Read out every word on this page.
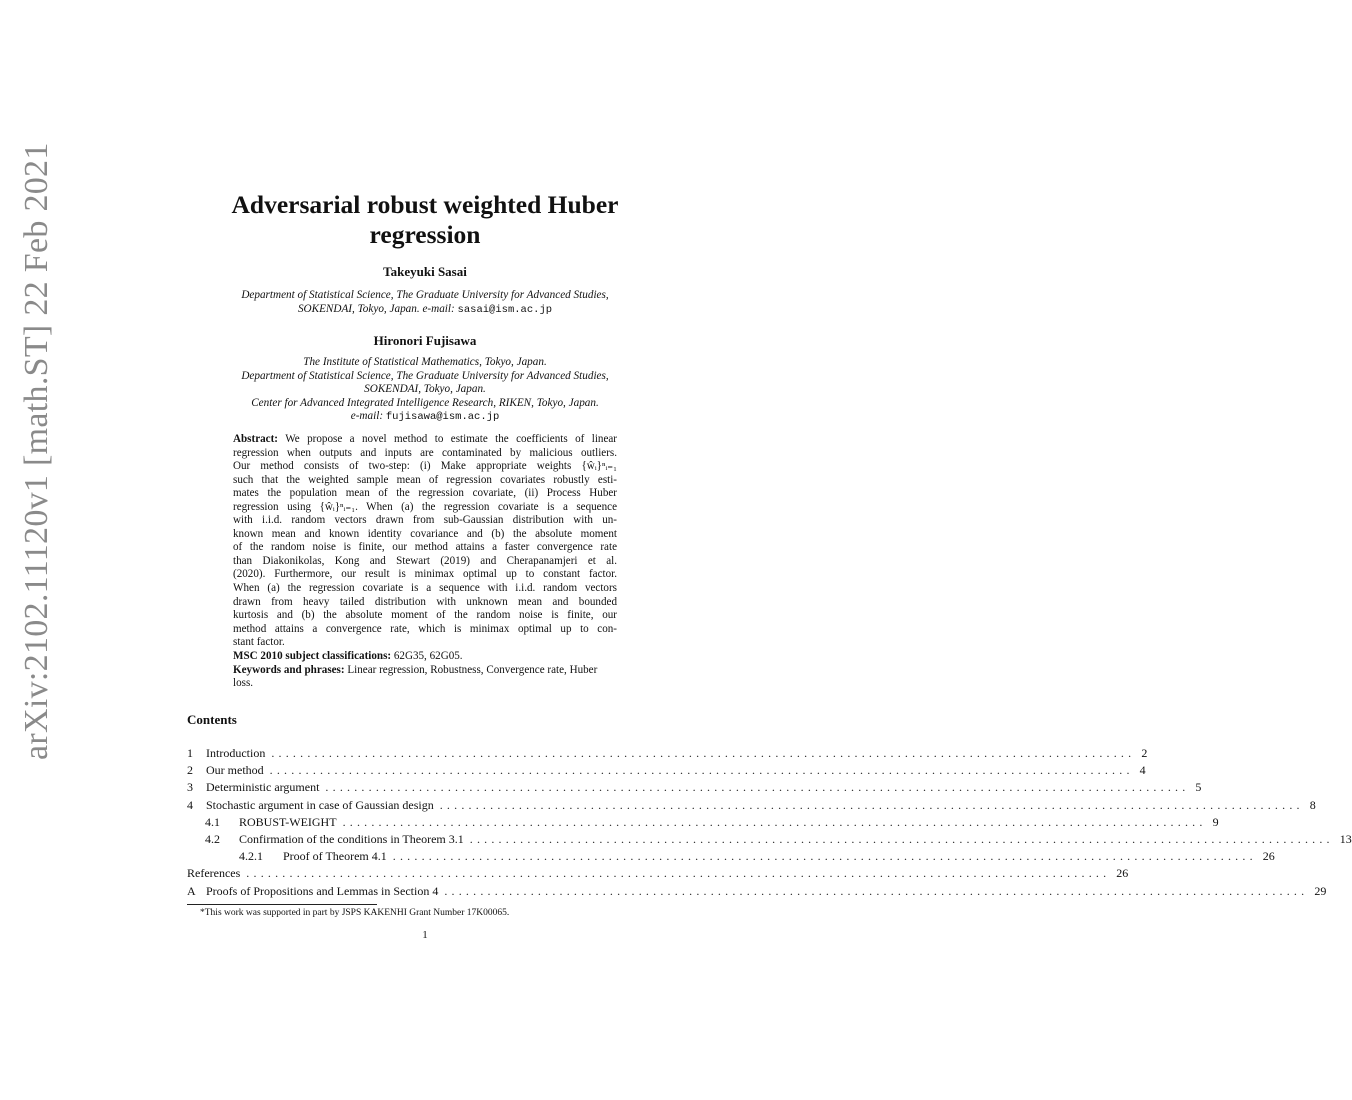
arXiv:2102.11120v1 [math.ST] 22 Feb 2021	Adversarial robust weighted Huber
regression
Takeyuki Sasai
Department of Statistical Science, The Graduate University for Advanced Studies,
SOKENDAI, Tokyo, Japan. e-mail: sasai@ism.ac.jp
Hironori Fujisawa
The Institute of Statistical Mathematics, Tokyo, Japan.
Department of Statistical Science, The Graduate University for Advanced Studies,
SOKENDAI, Tokyo, Japan.
Center for Advanced Integrated Intelligence Research, RIKEN, Tokyo, Japan.
e-mail: fujisawa@ism.ac.jp
Abstract: We propose a novel method to estimate the coefficients of linear
regression when outputs and inputs are contaminated by malicious outliers.
Our method consists of two-step: (i) Make appropriate weights {ŵᵢ}ⁿᵢ₌₁
such that the weighted sample mean of regression covariates robustly esti-
mates the population mean of the regression covariate, (ii) Process Huber
regression using {ŵᵢ}ⁿᵢ₌₁. When (a) the regression covariate is a sequence
with i.i.d. random vectors drawn from sub-Gaussian distribution with un-
known mean and known identity covariance and (b) the absolute moment
of the random noise is finite, our method attains a faster convergence rate
than Diakonikolas, Kong and Stewart (2019) and Cherapanamjeri et al.
(2020). Furthermore, our result is minimax optimal up to constant factor.
When (a) the regression covariate is a sequence with i.i.d. random vectors
drawn from heavy tailed distribution with unknown mean and bounded
kurtosis and (b) the absolute moment of the random noise is finite, our
method attains a convergence rate, which is minimax optimal up to con-
stant factor.
MSC 2010 subject classifications: 62G35, 62G05.
Keywords and phrases: Linear regression, Robustness, Convergence rate, Huber loss.
Contents
1 Introduction ........................................................................................................................ 2
2 Our method ........................................................................................................................ 4
3 Deterministic argument ........................................................................................................................ 5
4 Stochastic argument in case of Gaussian design ........................................................................................................................ 8
4.1 ROBUST-WEIGHT ........................................................................................................................ 9
4.2 Confirmation of the conditions in Theorem 3.1 ........................................................................................................................ 13
4.2.1 Proof of Theorem 4.1 ........................................................................................................................ 26
References ........................................................................................................................ 26
A Proofs of Propositions and Lemmas in Section 4 ........................................................................................................................ 29
*This work was supported in part by JSPS KAKENHI Grant Number 17K00065.
1
